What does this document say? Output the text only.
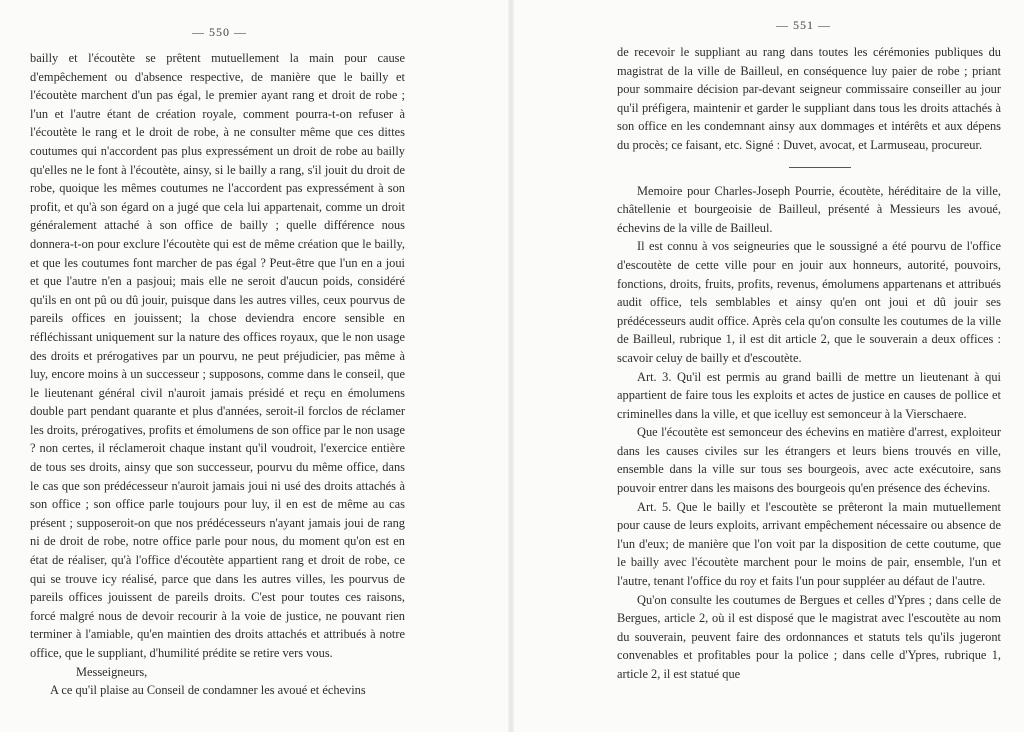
— 550 —

bailly et l'écoutète se prêtent mutuellement la main pour cause d'empêchement ou d'absence respective, de manière que le bailly et l'écoutète marchent d'un pas égal, le premier ayant rang et droit de robe ; l'un et l'autre étant de création royale, comment pourra-t-on refuser à l'écoutète le rang et le droit de robe, à ne consulter même que ces dittes coutumes qui n'accordent pas plus expressément un droit de robe au bailly qu'elles ne le font à l'écoutète, ainsy, si le bailly a rang, s'il jouit du droit de robe, quoique les mêmes coutumes ne l'accordent pas expressément à son profit, et qu'à son égard on a jugé que cela lui appartenait, comme un droit généralement attaché à son office de bailly ; quelle différence nous donnera-t-on pour exclure l'écoutète qui est de même création que le bailly, et que les coutumes font marcher de pas égal ? Peut-être que l'un en a joui et que l'autre n'en a pasjoui; mais elle ne seroit d'aucun poids, considéré qu'ils en ont pû ou dû jouir, puisque dans les autres villes, ceux pourvus de pareils offices en jouissent; la chose deviendra encore sensible en réfléchissant uniquement sur la nature des offices royaux, que le non usage des droits et prérogatives par un pourvu, ne peut préjudicier, pas même à luy, encore moins à un successeur ; supposons, comme dans le conseil, que le lieutenant général civil n'auroit jamais présidé et reçu en émolumens double part pendant quarante et plus d'années, seroit-il forclos de réclamer les droits, prérogatives, profits et émolumens de son office par le non usage ? non certes, il réclameroit chaque instant qu'il voudroit, l'exercice entière de tous ses droits, ainsy que son successeur, pourvu du même office, dans le cas que son prédécesseur n'auroit jamais joui ni usé des droits attachés à son office ; son office parle toujours pour luy, il en est de même au cas présent ; supposeroit-on que nos prédécesseurs n'ayant jamais joui de rang ni de droit de robe, notre office parle pour nous, du moment qu'on est en état de réaliser, qu'à l'office d'écoutète appartient rang et droit de robe, ce qui se trouve icy réalisé, parce que dans les autres villes, les pourvus de pareils offices jouissent de pareils droits. C'est pour toutes ces raisons, forcé malgré nous de devoir recourir à la voie de justice, ne pouvant rien terminer à l'amiable, qu'en maintien des droits attachés et attribués à notre office, que le suppliant, d'humilité prédite se retire vers vous.

Messeigneurs,

A ce qu'il plaise au Conseil de condamner les avoué et échevins

— 551 —

de recevoir le suppliant au rang dans toutes les cérémonies publiques du magistrat de la ville de Bailleul, en conséquence luy paier de robe ; priant pour sommaire décision par-devant seigneur commissaire conseiller au jour qu'il préfigera, maintenir et garder le suppliant dans tous les droits attachés à son office en les condemnant ainsy aux dommages et intérêts et aux dépens du procès; ce faisant, etc. Signé : Duvet, avocat, et Larmuseau, procureur.

Memoire pour Charles-Joseph Pourrie, écoutète, héréditaire de la ville, châtellenie et bourgeoisie de Bailleul, présenté à Messieurs les avoué, échevins de la ville de Bailleul.

Il est connu à vos seigneuries que le soussigné a été pourvu de l'office d'escoutète de cette ville pour en jouir aux honneurs, autorité, pouvoirs, fonctions, droits, fruits, profits, revenus, émolumens appartenans et attribués audit office, tels semblables et ainsy qu'en ont joui et dû jouir ses prédécesseurs audit office. Après cela qu'on consulte les coutumes de la ville de Bailleul, rubrique 1, il est dit article 2, que le souverain a deux offices : scavoir celuy de bailly et d'escoutète.

Art. 3. Qu'il est permis au grand bailli de mettre un lieutenant à qui appartient de faire tous les exploits et actes de justice en causes de pollice et criminelles dans la ville, et que icelluy est semonceur à la Vierschaere.

Que l'écoutète est semonceur des échevins en matière d'arrest, exploiteur dans les causes civiles sur les étrangers et leurs biens trouvés en ville, ensemble dans la ville sur tous ses bourgeois, avec acte exécutoire, sans pouvoir entrer dans les maisons des bourgeois qu'en présence des échevins.

Art. 5. Que le bailly et l'escoutète se prêteront la main mutuellement pour cause de leurs exploits, arrivant empêchement nécessaire ou absence de l'un d'eux; de manière que l'on voit par la disposition de cette coutume, que le bailly avec l'écoutète marchent pour le moins de pair, ensemble, l'un et l'autre, tenant l'office du roy et faits l'un pour suppléer au défaut de l'autre.

Qu'on consulte les coutumes de Bergues et celles d'Ypres ; dans celle de Bergues, article 2, où il est disposé que le magistrat avec l'escoutète au nom du souverain, peuvent faire des ordonnances et statuts tels qu'ils jugeront convenables et profitables pour la police ; dans celle d'Ypres, rubrique 1, article 2, il est statué que
